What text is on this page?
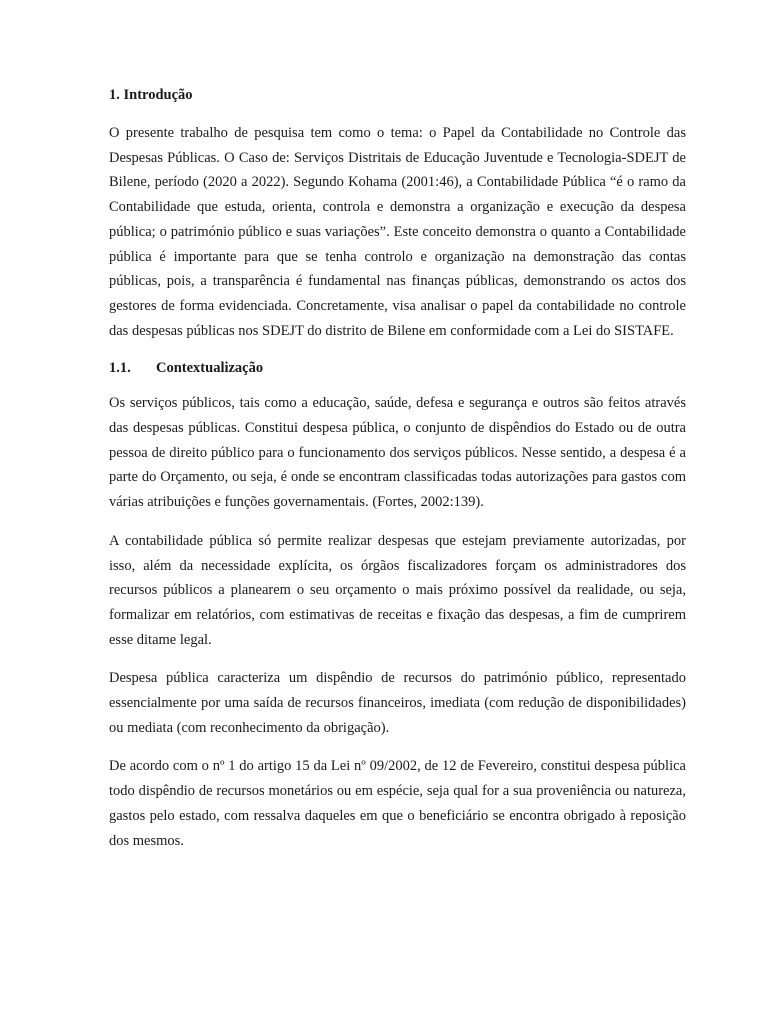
1. Introdução

O presente trabalho de pesquisa tem como o tema: o Papel da Contabilidade no Controle das Despesas Públicas. O Caso de: Serviços Distritais de Educação Juventude e Tecnologia-SDEJT de Bilene, período (2020 a 2022). Segundo Kohama (2001:46), a Contabilidade Pública “é o ramo da Contabilidade que estuda, orienta, controla e demonstra a organização e execução da despesa pública; o património público e suas variações”. Este conceito demonstra o quanto a Contabilidade pública é importante para que se tenha controlo e organização na demonstração das contas públicas, pois, a transparência é fundamental nas finanças públicas, demonstrando os actos dos gestores de forma evidenciada. Concretamente, visa analisar o papel da contabilidade no controle das despesas públicas nos SDEJT do distrito de Bilene em conformidade com a Lei do SISTAFE.

1.1. Contextualização

Os serviços públicos, tais como a educação, saúde, defesa e segurança e outros são feitos através das despesas públicas. Constitui despesa pública, o conjunto de dispêndios do Estado ou de outra pessoa de direito público para o funcionamento dos serviços públicos. Nesse sentido, a despesa é a parte do Orçamento, ou seja, é onde se encontram classificadas todas autorizações para gastos com várias atribuições e funções governamentais. (Fortes, 2002:139).

A contabilidade pública só permite realizar despesas que estejam previamente autorizadas, por isso, além da necessidade explícita, os órgãos fiscalizadores forçam os administradores dos recursos públicos a planearem o seu orçamento o mais próximo possível da realidade, ou seja, formalizar em relatórios, com estimativas de receitas e fixação das despesas, a fim de cumprirem esse ditame legal.

Despesa pública caracteriza um dispêndio de recursos do património público, representado essencialmente por uma saída de recursos financeiros, imediata (com redução de disponibilidades) ou mediata (com reconhecimento da obrigação).

De acordo com o nº 1 do artigo 15 da Lei nº 09/2002, de 12 de Fevereiro, constitui despesa pública todo dispêndio de recursos monetários ou em espécie, seja qual for a sua proveniência ou natureza, gastos pelo estado, com ressalva daqueles em que o beneficiário se encontra obrigado à reposição dos mesmos.
